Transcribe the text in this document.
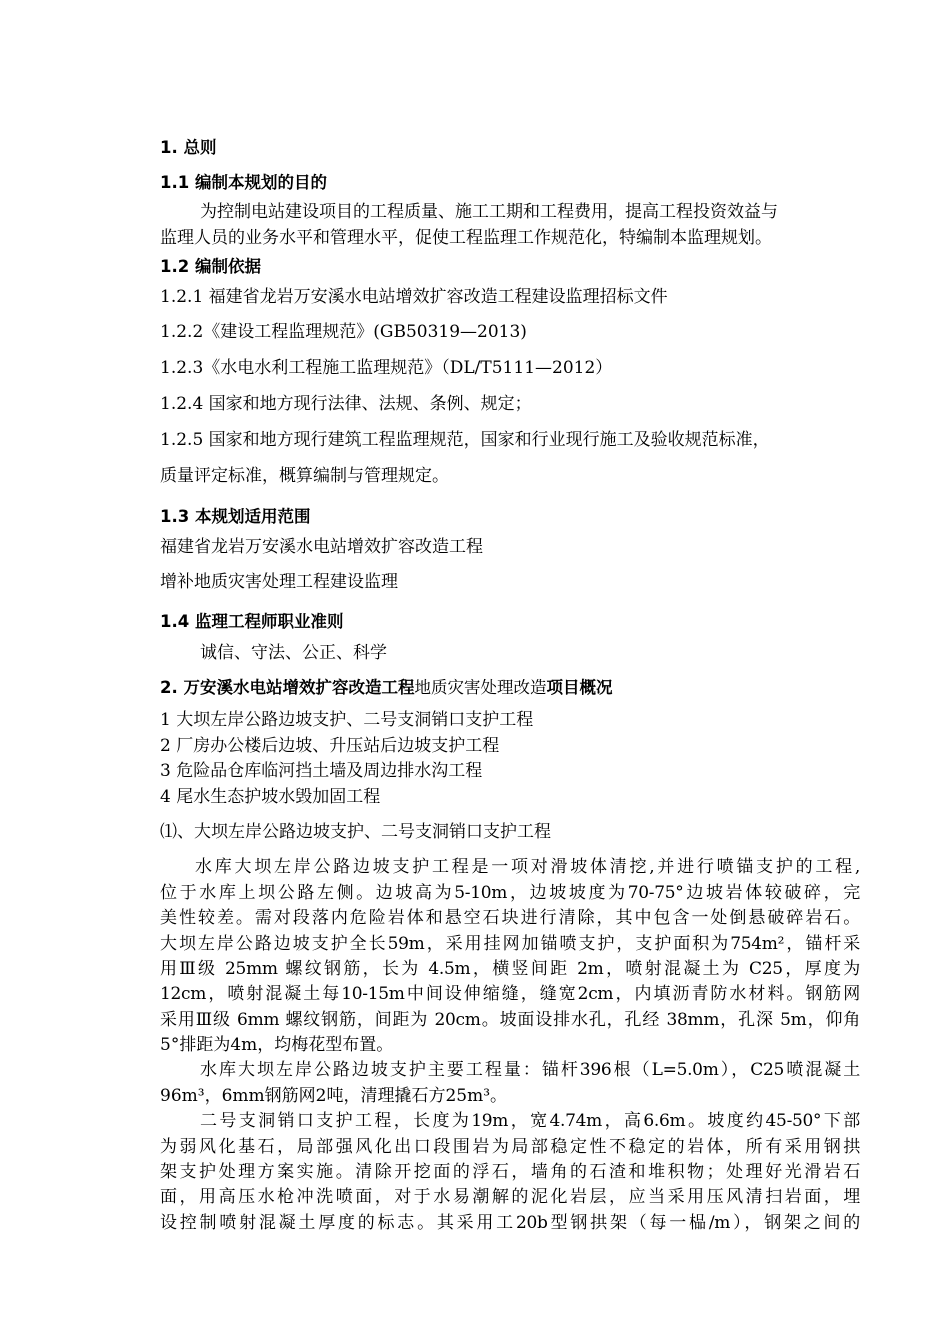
1. 总则
1.1 编制本规划的目的
为控制电站建设项目的工程质量、施工工期和工程费用，提高工程投资效益与
监理人员的业务水平和管理水平，促使工程监理工作规范化，特编制本监理规划。
1.2 编制依据
1.2.1 福建省龙岩万安溪水电站增效扩容改造工程建设监理招标文件
1.2.2《建设工程监理规范》(GB50319—2013)
1.2.3《水电水利工程施工监理规范》（DL/T5111—2012）
1.2.4 国家和地方现行法律、法规、条例、规定；
1.2.5 国家和地方现行建筑工程监理规范，国家和行业现行施工及验收规范标准，
质量评定标准，概算编制与管理规定。
1.3 本规划适用范围
福建省龙岩万安溪水电站增效扩容改造工程
增补地质灾害处理工程建设监理
1.4 监理工程师职业准则
诚信、守法、公正、科学
2. 万安溪水电站增效扩容改造工程地质灾害处理改造项目概况
1 大坝左岸公路边坡支护、二号支洞销口支护工程
2 厂房办公楼后边坡、升压站后边坡支护工程
3 危险品仓库临河挡土墙及周边排水沟工程
4 尾水生态护坡水毁加固工程
⑴、大坝左岸公路边坡支护、二号支洞销口支护工程
水库大坝左岸公路边坡支护工程是一项对滑坡体清挖,并进行喷锚支护的工程,
位于水库上坝公路左侧。边坡高为5-10m，边坡坡度为70-75°边坡岩体较破碎，完
美性较差。需对段落内危险岩体和悬空石块进行清除，其中包含一处倒悬破碎岩石。
大坝左岸公路边坡支护全长59m，采用挂网加锚喷支护，支护面积为754m²，锚杆采
用Ⅲ级 25mm 螺纹钢筋，长为 4.5m，横竖间距 2m，喷射混凝土为 C25，厚度为
12cm，喷射混凝土每10-15m中间设伸缩缝，缝宽2cm，内填沥青防水材料。钢筋网
采用Ⅲ级 6mm 螺纹钢筋，间距为 20cm。坡面设排水孔，孔经 38mm，孔深 5m，仰角
5°排距为4m，均梅花型布置。
水库大坝左岸公路边坡支护主要工程量：锚杆396根（L=5.0m），C25喷混凝土
96m³，6mm钢筋网2吨，清理撬石方25m³。
二号支洞销口支护工程，长度为19m，宽4.74m，高6.6m。坡度约45-50°下部
为弱风化基石，局部强风化出口段围岩为局部稳定性不稳定的岩体，所有采用钢拱
架支护处理方案实施。清除开挖面的浮石，墙角的石渣和堆积物；处理好光滑岩石
面，用高压水枪冲洗喷面，对于水易潮解的泥化岩层，应当采用压风清扫岩面，埋
设控制喷射混凝土厚度的标志。其采用工20b型钢拱架（每一榀/m），钢架之间的
